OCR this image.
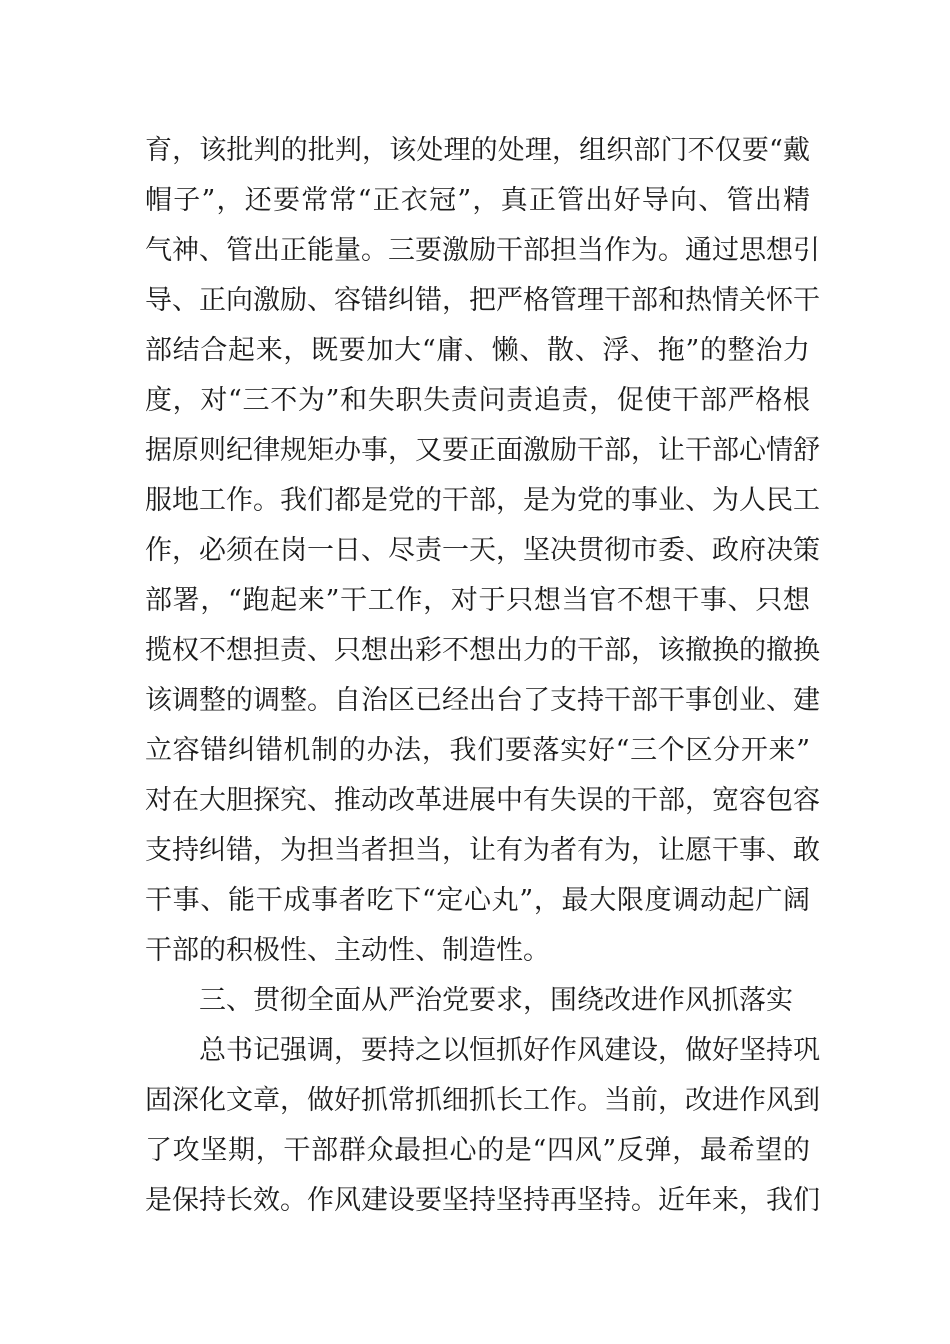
育，该批判的批判，该处理的处理，组织部门不仅要“戴
帽子”，还要常常“正衣冠”，真正管出好导向、管出精
气神、管出正能量。三要激励干部担当作为。通过思想引
导、正向激励、容错纠错，把严格管理干部和热情关怀干
部结合起来，既要加大“庸、懒、散、浮、拖”的整治力
度，对“三不为”和失职失责问责追责，促使干部严格根
据原则纪律规矩办事，又要正面激励干部，让干部心情舒
服地工作。我们都是党的干部，是为党的事业、为人民工
作，必须在岗一日、尽责一天，坚决贯彻市委、政府决策
部署，“跑起来”干工作，对于只想当官不想干事、只想
揽权不想担责、只想出彩不想出力的干部，该撤换的撤换
该调整的调整。自治区已经出台了支持干部干事创业、建
立容错纠错机制的办法，我们要落实好“三个区分开来”
对在大胆探究、推动改革进展中有失误的干部，宽容包容
支持纠错，为担当者担当，让有为者有为，让愿干事、敢
干事、能干成事者吃下“定心丸”，最大限度调动起广阔
干部的积极性、主动性、制造性。
三、贯彻全面从严治党要求，围绕改进作风抓落实
总书记强调，要持之以恒抓好作风建设，做好坚持巩
固深化文章，做好抓常抓细抓长工作。当前，改进作风到
了攻坚期，干部群众最担心的是“四风”反弹，最希望的
是保持长效。作风建设要坚持坚持再坚持。近年来，我们
